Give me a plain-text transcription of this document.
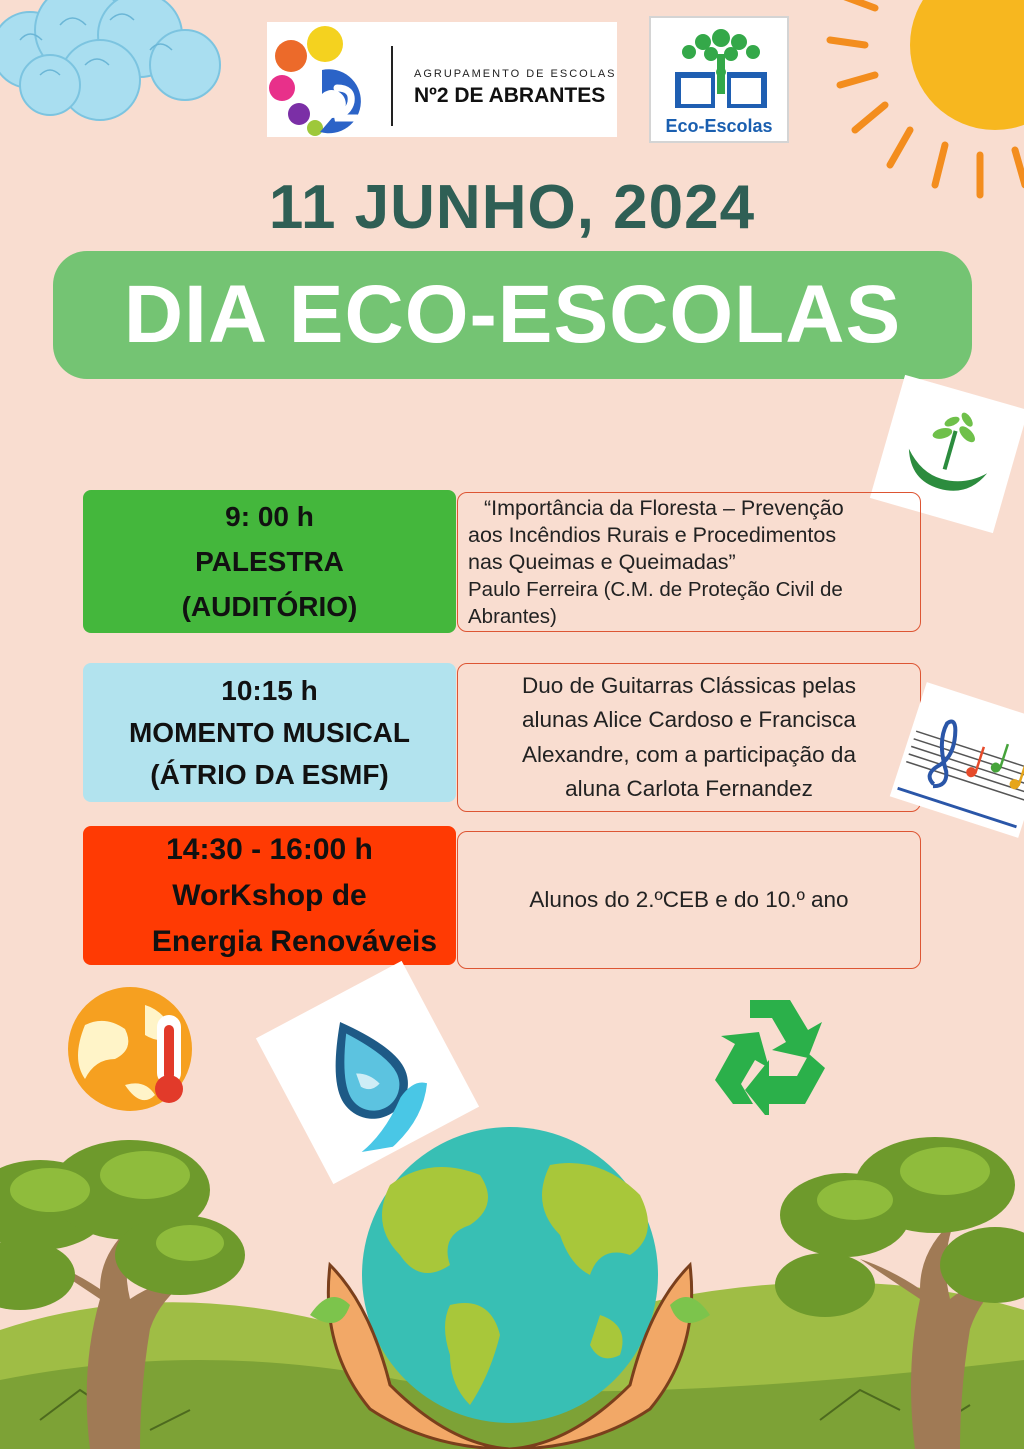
AGRUPAMENTO DE ESCOLAS
Nº2 DE ABRANTES
Eco-Escolas
11 JUNHO, 2024
DIA ECO-ESCOLAS
9: 00 h
PALESTRA
(AUDITÓRIO)
“Importância da Floresta – Prevenção
aos Incêndios Rurais e Procedimentos
nas Queimas e Queimadas”
Paulo Ferreira (C.M. de Proteção Civil de
Abrantes)
10:15 h
MOMENTO MUSICAL
(ÁTRIO DA ESMF)
Duo de Guitarras Clássicas pelas
alunas Alice Cardoso e Francisca
Alexandre, com a participação da
aluna Carlota Fernandez
14:30 - 16:00 h
WorKshop de
Energia Renováveis
Alunos do 2.ºCEB e do 10.º ano
